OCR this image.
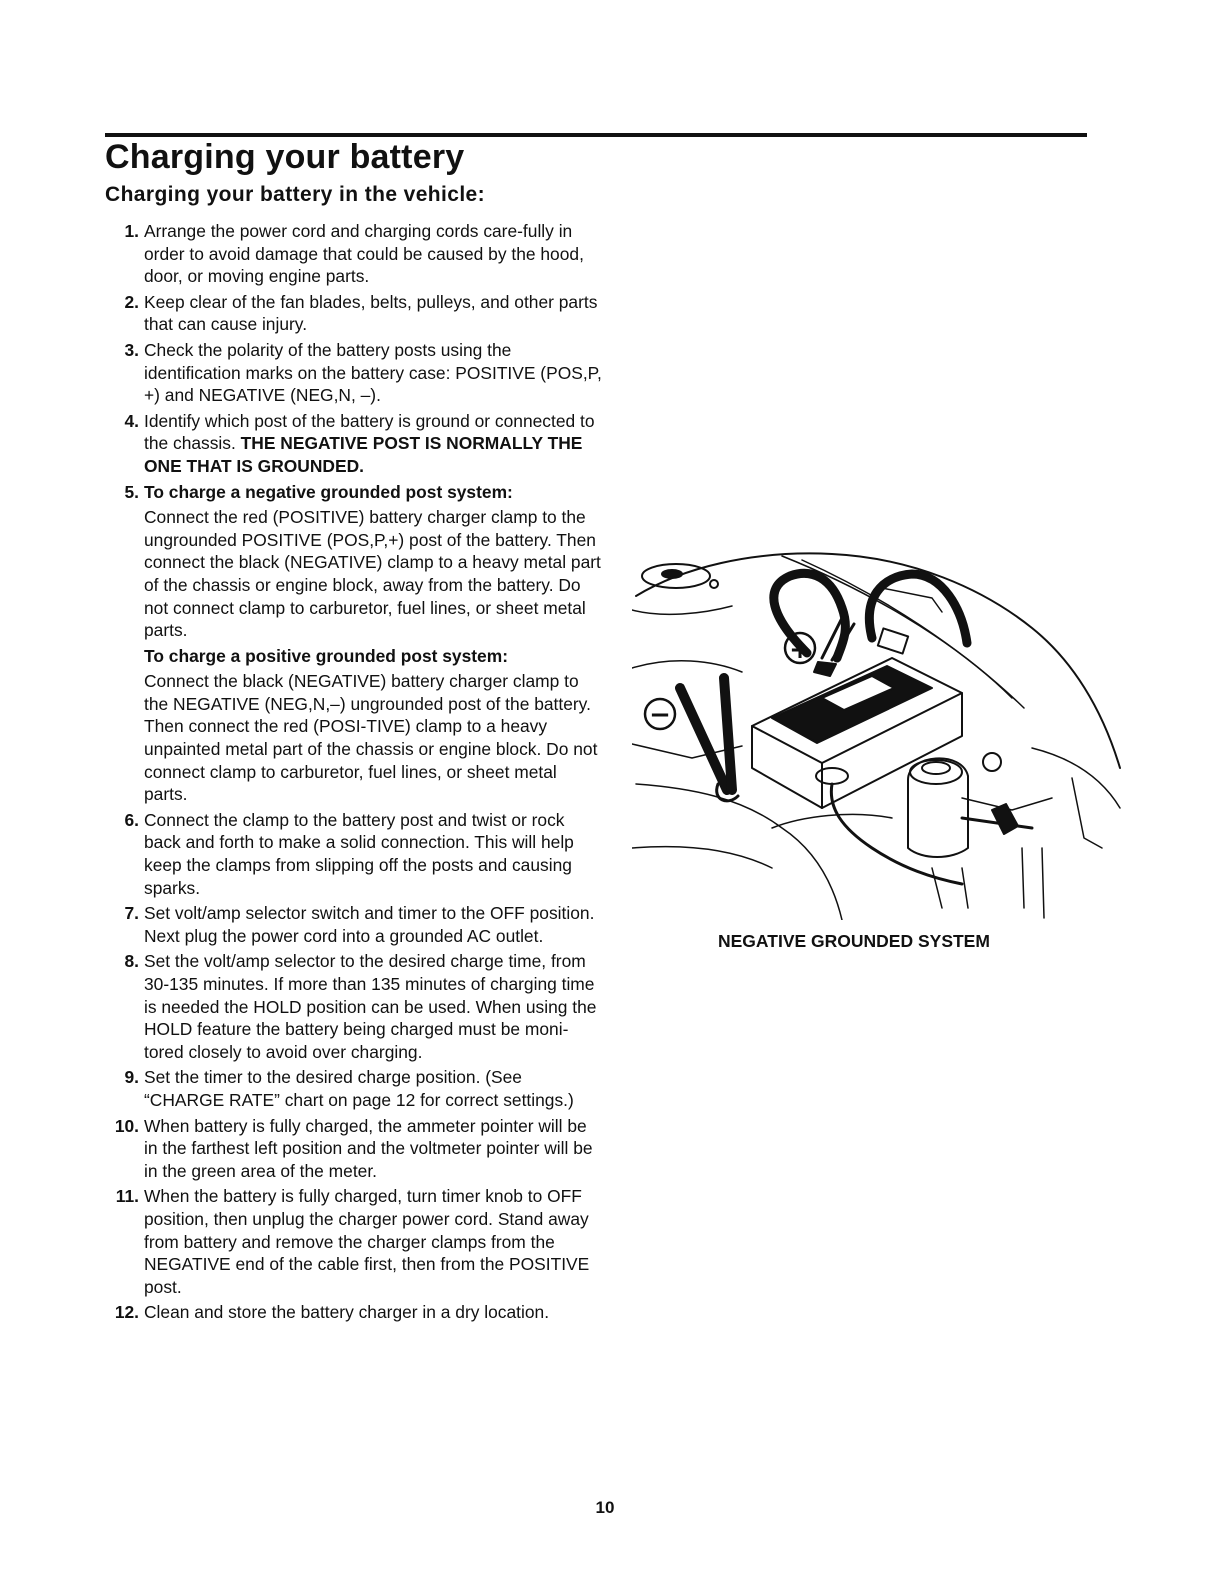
Charging your battery
Charging your battery in the vehicle:
1. Arrange the power cord and charging cords care-fully in order to avoid damage that could be caused by the hood, door, or moving engine parts.
2. Keep clear of the fan blades, belts, pulleys, and other parts that can cause injury.
3. Check the polarity of the battery posts using the identification marks on the battery case: POSITIVE (POS,P, +) and NEGATIVE (NEG,N, –).
4. Identify which post of the battery is ground or connected to the chassis. THE NEGATIVE POST IS NORMALLY THE ONE THAT IS GROUNDED.
5. To charge a negative grounded post system:
Connect the red (POSITIVE) battery charger clamp to the ungrounded POSITIVE (POS,P,+) post of the battery. Then connect the black (NEGATIVE) clamp to a heavy metal part of the chassis or engine block, away from the battery. Do not connect clamp to carburetor, fuel lines, or sheet metal parts.
To charge a positive grounded post system:
Connect the black (NEGATIVE) battery charger clamp to the NEGATIVE (NEG,N,–) ungrounded post of the battery. Then connect the red (POSI-TIVE) clamp to a heavy unpainted metal part of the chassis or engine block. Do not connect clamp to carburetor, fuel lines, or sheet metal parts.
6. Connect the clamp to the battery post and twist or rock back and forth to make a solid connection. This will help keep the clamps from slipping off the posts and causing sparks.
7. Set volt/amp selector switch and timer to the OFF position. Next plug the power cord into a grounded AC outlet.
8. Set the volt/amp selector to the desired charge time, from 30-135 minutes. If more than 135 minutes of charging time is needed the HOLD position can be used. When using the HOLD feature the battery being charged must be moni-tored closely to avoid over charging.
9. Set the timer to the desired charge position. (See “CHARGE RATE” chart on page 12 for correct settings.)
10. When battery is fully charged, the ammeter pointer will be in the farthest left position and the voltmeter pointer will be in the green area of the meter.
11. When the battery is fully charged, turn timer knob to OFF position, then unplug the charger power cord. Stand away from battery and remove the charger clamps from the NEGATIVE end of the cable first, then from the POSITIVE post.
12. Clean and store the battery charger in a dry location.
+
−
NEGATIVE GROUNDED SYSTEM
10
